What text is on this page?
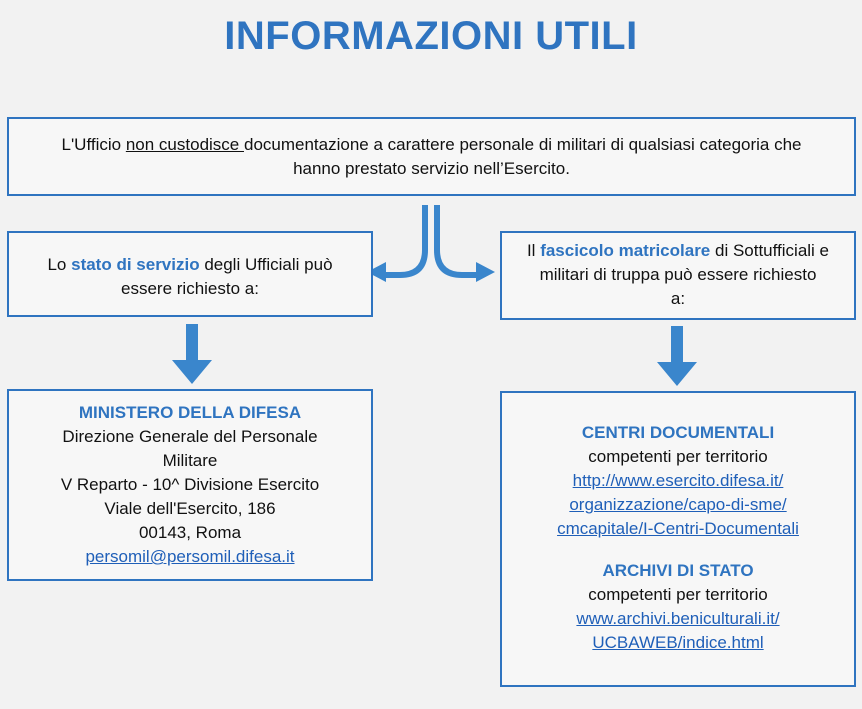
INFORMAZIONI UTILI
L'Ufficio non custodisce documentazione a carattere personale di militari di qualsiasi categoria che
hanno prestato servizio nell’Esercito.
Lo stato di servizio degli Ufficiali può
essere richiesto a:
Il fascicolo matricolare di Sottufficiali e
militari di truppa può essere richiesto
a:
MINISTERO DELLA DIFESA
Direzione Generale del Personale
Militare
V Reparto - 10^ Divisione Esercito
Viale dell'Esercito, 186
00143, Roma
persomil@persomil.difesa.it
CENTRI DOCUMENTALI
competenti per territorio
http://www.esercito.difesa.it/
organizzazione/capo-di-sme/
cmcapitale/I-Centri-Documentali
ARCHIVI DI STATO
competenti per territorio
www.archivi.beniculturali.it/
UCBAWEB/indice.html
